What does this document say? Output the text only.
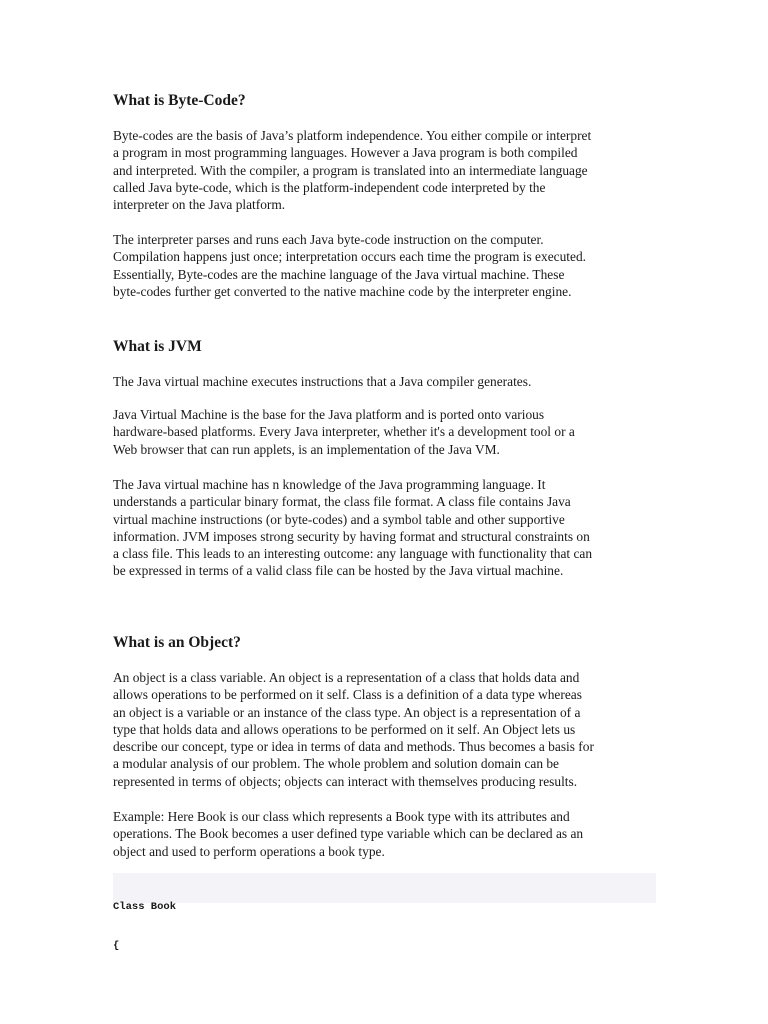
What is Byte-Code?

Byte-codes are the basis of Java’s platform independence. You either compile or interpret
a program in most programming languages. However a Java program is both compiled
and interpreted. With the compiler, a program is translated into an intermediate language
called Java byte-code, which is the platform-independent code interpreted by the
interpreter on the Java platform.

The interpreter parses and runs each Java byte-code instruction on the computer.
Compilation happens just once; interpretation occurs each time the program is executed.
Essentially, Byte-codes are the machine language of the Java virtual machine. These
byte-codes further get converted to the native machine code by the interpreter engine.

What is JVM

The Java virtual machine executes instructions that a Java compiler generates.

Java Virtual Machine is the base for the Java platform and is ported onto various
hardware-based platforms. Every Java interpreter, whether it's a development tool or a
Web browser that can run applets, is an implementation of the Java VM.

The Java virtual machine has n knowledge of the Java programming language. It
understands a particular binary format, the class file format. A class file contains Java
virtual machine instructions (or byte-codes) and a symbol table and other supportive
information. JVM imposes strong security by having format and structural constraints on
a class file. This leads to an interesting outcome: any language with functionality that can
be expressed in terms of a valid class file can be hosted by the Java virtual machine.

What is an Object?

An object is a class variable. An object is a representation of a class that holds data and
allows operations to be performed on it self. Class is a definition of a data type whereas
an object is a variable or an instance of the class type. An object is a representation of a
type that holds data and allows operations to be performed on it self. An Object lets us
describe our concept, type or idea in terms of data and methods. Thus becomes a basis for
a modular analysis of our problem. The whole problem and solution domain can be
represented in terms of objects; objects can interact with themselves producing results.

Example: Here Book is our class which represents a Book type with its attributes and
operations. The Book becomes a user defined type variable which can be declared as an
object and used to perform operations a book type.

Class Book

{
